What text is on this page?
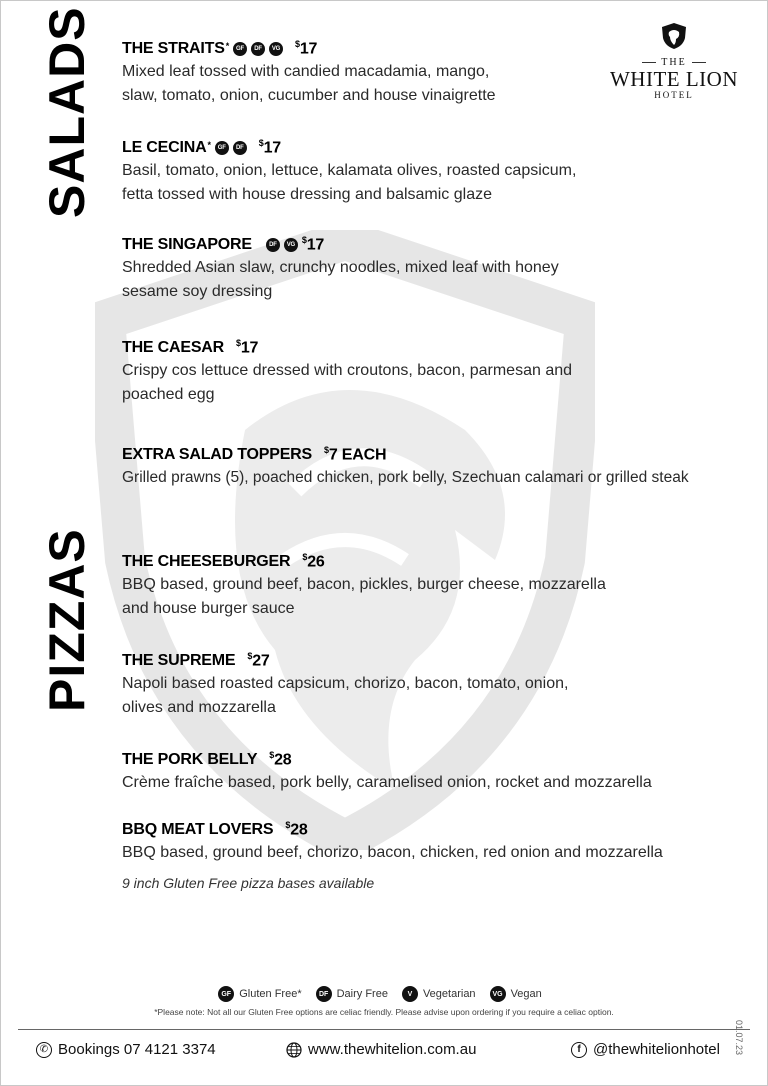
SALADS
PIZZAS
THE
WHITE LION
HOTEL
THE STRAITS *	GF	DF	VG	$17
Mixed leaf tossed with candied macadamia, mango,
slaw, tomato, onion, cucumber and house vinaigrette
LE CECINA *	GF	DF	$17
Basil, tomato, onion, lettuce, kalamata olives, roasted capsicum,
fetta tossed with house dressing and balsamic glaze
THE SINGAPORE	DF	VG $17
Shredded Asian slaw, crunchy noodles, mixed leaf with honey
sesame soy dressing
THE CAESAR $17
Crispy cos lettuce dressed with croutons, bacon, parmesan and
poached egg
EXTRA SALAD TOPPERS $7 EACH
Grilled prawns (5), poached chicken, pork belly, Szechuan calamari or grilled steak
THE CHEESEBURGER $26
BBQ based, ground beef, bacon, pickles, burger cheese, mozzarella
and house burger sauce
THE SUPREME $27
Napoli based roasted capsicum, chorizo, bacon, tomato, onion,
olives and mozzarella
THE PORK BELLY $28
Crème fraîche based, pork belly, caramelised onion, rocket and mozzarella
BBQ MEAT LOVERS $28
BBQ based, ground beef, chorizo, bacon, chicken, red onion and mozzarella
9 inch Gluten Free pizza bases available
GF Gluten Free*	DF Dairy Free	V Vegetarian	VG Vegan
*Please note: Not all our Gluten Free options are celiac friendly. Please advise upon ordering if you require a celiac option.
01.07.23
✆ Bookings 07 4121 3374	www.thewhitelion.com.au	f @thewhitelionhotel
